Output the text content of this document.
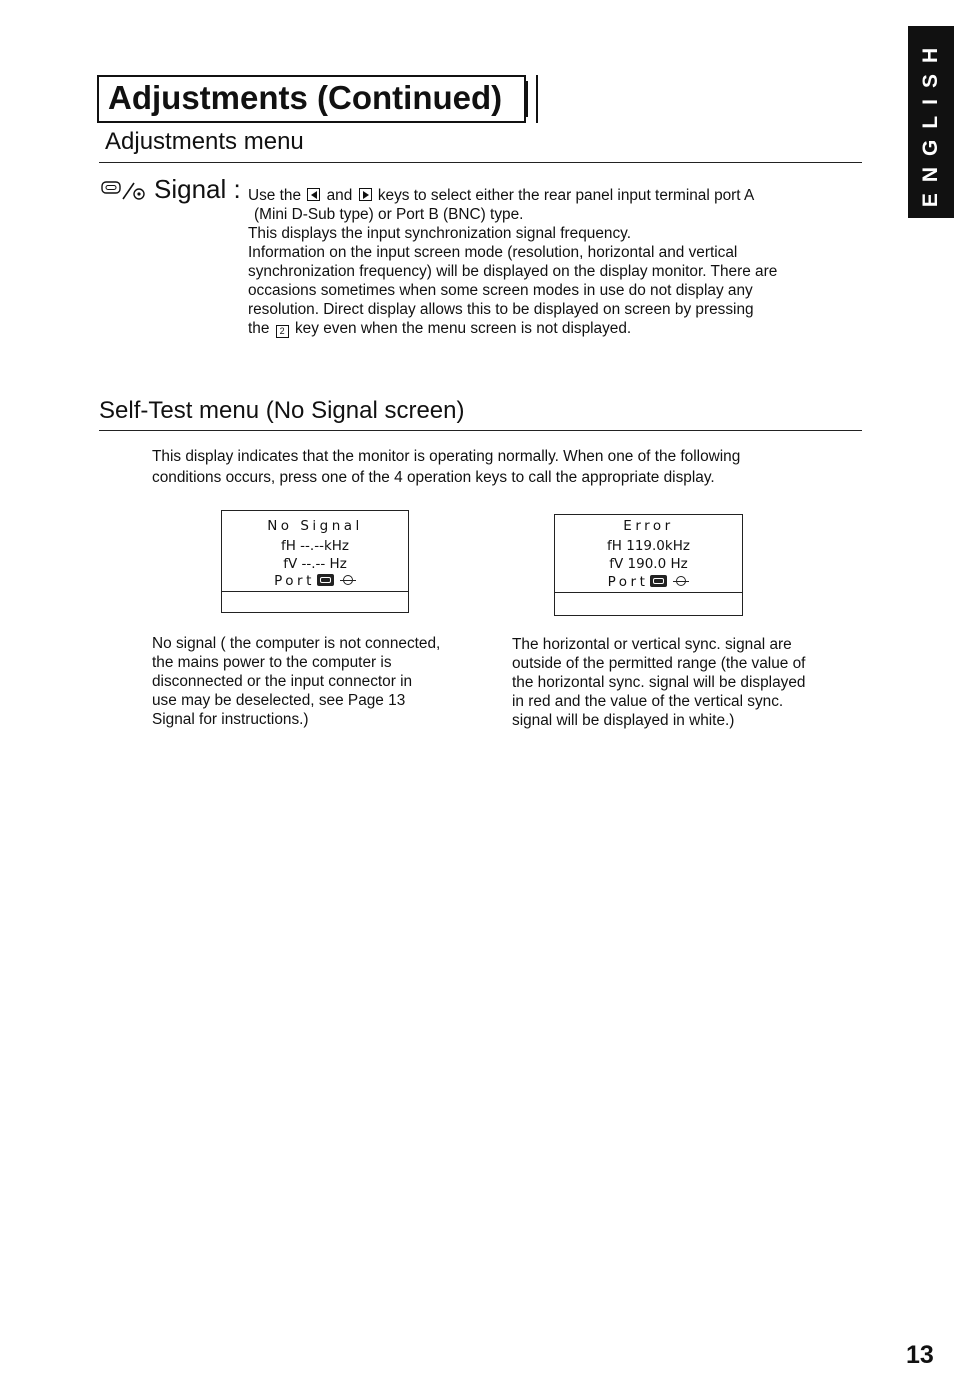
ENGLISH
Adjustments (Continued)
Adjustments menu
Signal : Use the and keys to select either the rear panel input terminal port A
(Mini D-Sub type) or Port B (BNC) type.
This displays the input synchronization signal frequency.
Information on the input screen mode (resolution, horizontal and vertical
synchronization frequency) will be displayed on the display monitor. There are
occasions sometimes when some screen modes in use do not display any
resolution. Direct display allows this to be displayed on screen by pressing
the 2 key even when the menu screen is not displayed.
Self-Test menu (No Signal screen)
This display indicates that the monitor is operating normally. When one of the following
conditions occurs, press one of the 4 operation keys to call the appropriate display.
No Signal
fH --.--kHz
fV --.-- Hz
Port
Error
fH 119.0kHz
fV 190.0 Hz
Port
No signal ( the computer is not connected,
the mains power to the computer is
disconnected or the input connector in
use may be deselected, see Page 13
Signal for instructions.)
The horizontal or vertical sync. signal are
outside of the permitted range (the value of
the horizontal sync. signal will be displayed
in red and the value of the vertical sync.
signal will be displayed in white.)
13
